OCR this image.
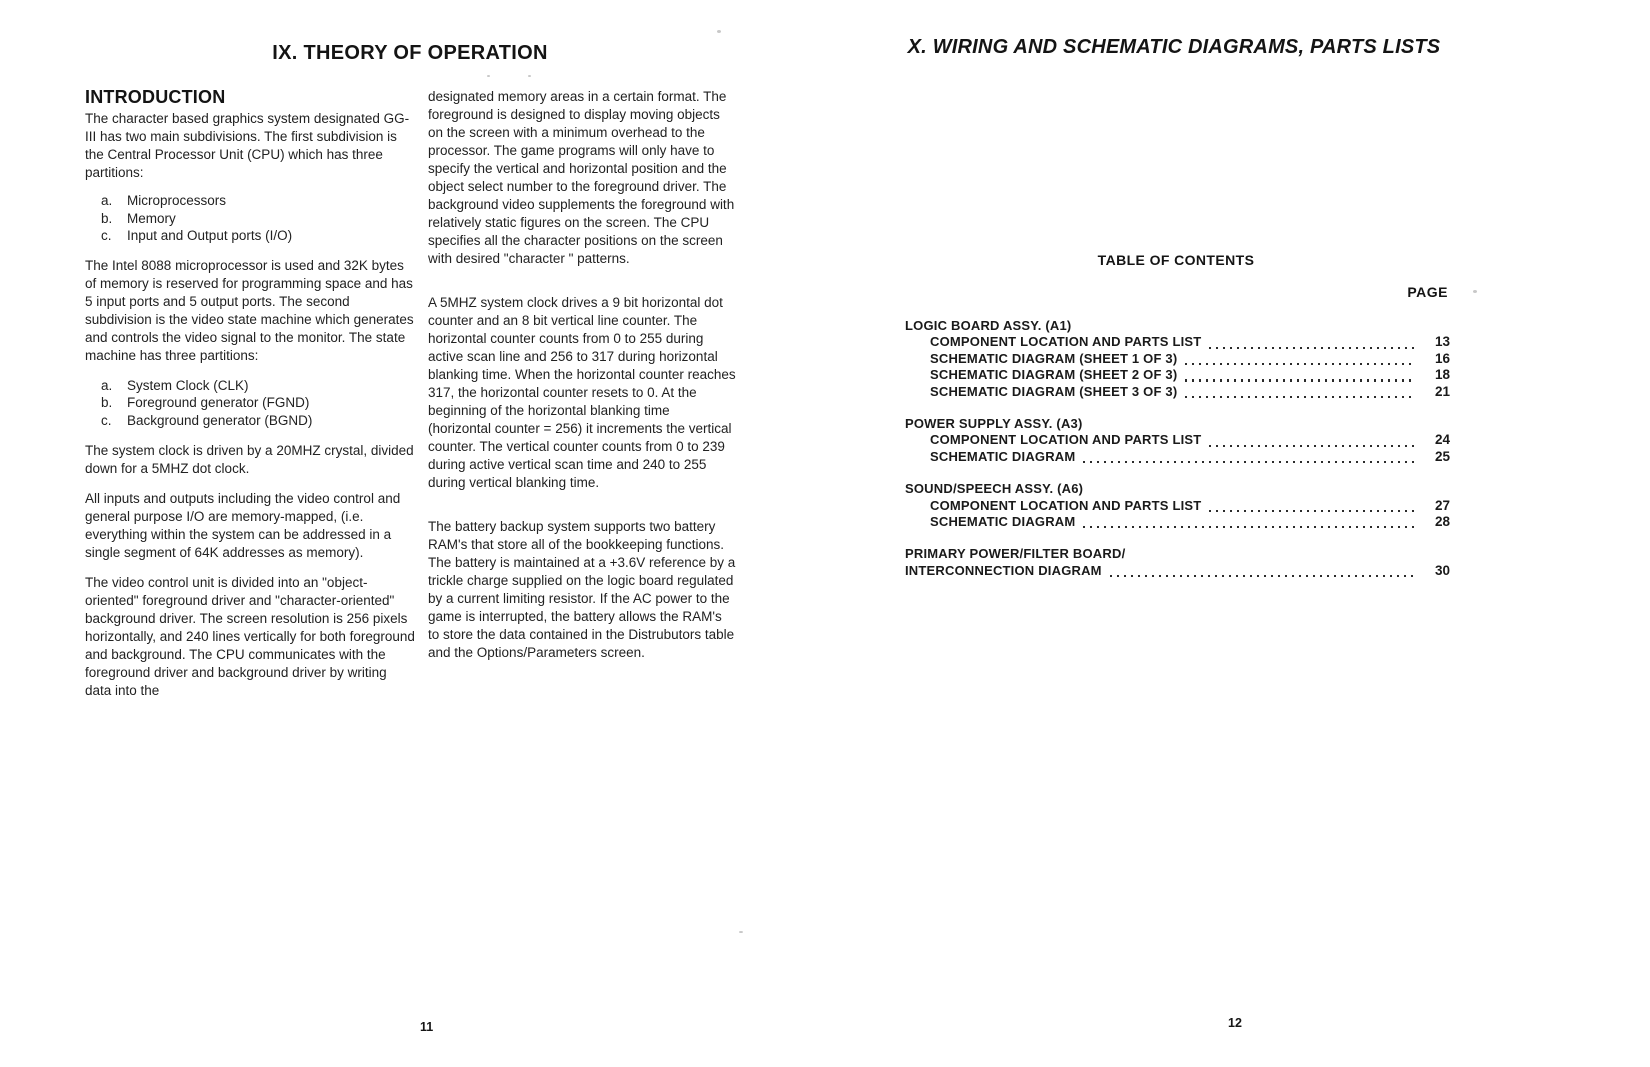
IX. THEORY OF OPERATION
INTRODUCTION

The character based graphics system designated GG-III has two main subdivisions. The first subdivision is the Central Processor Unit (CPU) which has three partitions:

a.	Microprocessors
b.	Memory
c.	Input and Output ports (I/O)

The Intel 8088 microprocessor is used and 32K bytes of memory is reserved for programming space and has 5 input ports and 5 output ports. The second subdivision is the video state machine which generates and controls the video signal to the monitor. The state machine has three partitions:

a.	System Clock (CLK)
b.	Foreground generator (FGND)
c.	Background generator (BGND)

The system clock is driven by a 20MHZ crystal, divided down for a 5MHZ dot clock.

All inputs and outputs including the video control and general purpose I/O are memory-mapped, (i.e. everything within the system can be addressed in a single segment of 64K addresses as memory).

The video control unit is divided into an "object-oriented" foreground driver and "character-oriented" background driver. The screen resolution is 256 pixels horizontally, and 240 lines vertically for both foreground and background. The CPU communicates with the foreground driver and background driver by writing data into the

designated memory areas in a certain format. The foreground is designed to display moving objects on the screen with a minimum overhead to the processor. The game programs will only have to specify the vertical and horizontal position and the object select number to the foreground driver. The background video supplements the foreground with relatively static figures on the screen. The CPU specifies all the character positions on the screen with desired "character " patterns.

A 5MHZ system clock drives a 9 bit horizontal dot counter and an 8 bit vertical line counter. The horizontal counter counts from 0 to 255 during active scan line and 256 to 317 during horizontal blanking time. When the horizontal counter reaches 317, the horizontal counter resets to 0. At the beginning of the horizontal blanking time (horizontal counter = 256) it increments the vertical counter. The vertical counter counts from 0 to 239 during active vertical scan time and 240 to 255 during vertical blanking time.

The battery backup system supports two battery RAM's that store all of the bookkeeping functions. The battery is maintained at a +3.6V reference by a trickle charge supplied on the logic board regulated by a current limiting resistor. If the AC power to the game is interrupted, the battery allows the RAM's to store the data contained in the Distrubutors table and the Options/Parameters screen.

11
X. WIRING AND SCHEMATIC DIAGRAMS, PARTS LISTS
TABLE OF CONTENTS
PAGE
LOGIC BOARD ASSY. (A1)
COMPONENT LOCATION AND PARTS LIST	13
SCHEMATIC DIAGRAM (SHEET 1 OF 3)	16
SCHEMATIC DIAGRAM (SHEET 2 OF 3)	18
SCHEMATIC DIAGRAM (SHEET 3 OF 3)	21
POWER SUPPLY ASSY. (A3)
COMPONENT LOCATION AND PARTS LIST	24
SCHEMATIC DIAGRAM	25
SOUND/SPEECH ASSY. (A6)
COMPONENT LOCATION AND PARTS LIST	27
SCHEMATIC DIAGRAM	28
PRIMARY POWER/FILTER BOARD/
INTERCONNECTION DIAGRAM	30
12
